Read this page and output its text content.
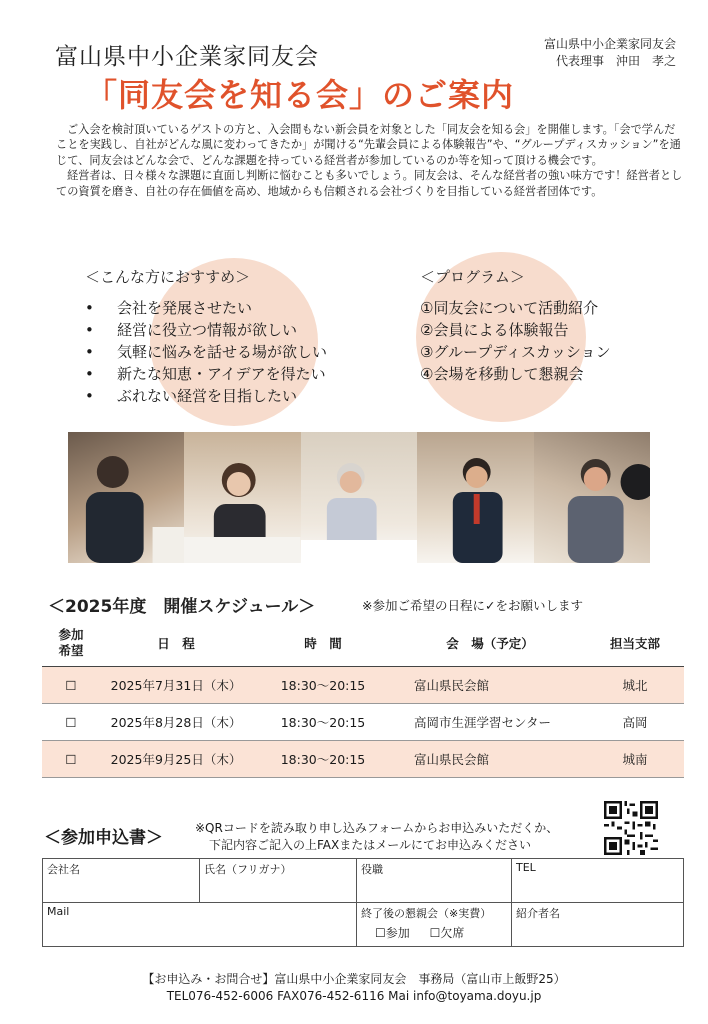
富山県中小企業家同友会	富山県中小企業家同友会
代表理事　沖田　孝之
「同友会を知る会」のご案内

ご入会を検討頂いているゲストの方と、入会間もない新会員を対象とした「同友会を知る会」を開催します。「会で学んだことを実践し、自社がどんな風に変わってきたか」が聞ける“先輩会員による体験報告”や、“グループディスカッション”を通じて、同友会はどんな会で、どんな課題を持っている経営者が参加しているのか等を知って頂ける機会です。

経営者は、日々様々な課題に直面し判断に悩むことも多いでしょう。同友会は、そんな経営者の強い味方です！経営者としての資質を磨き、自社の存在価値を高め、地域からも信頼される会社づくりを目指している経営者団体です。

＜こんな方におすすめ＞
•	会社を発展させたい
•	経営に役立つ情報が欲しい
•	気軽に悩みを話せる場が欲しい
•	新たな知恵・アイデアを得たい
•	ぶれない経営を目指したい
＜プログラム＞
①同友会について活動紹介
②会員による体験報告
③グループディスカッション
④会場を移動して懇親会
＜2025年度　開催スケジュール＞	※参加ご希望の日程に✓をお願いします
参加
希望	日　程	時　間	会　場（予定）	担当支部
☐	2025年7月31日（木）	18:30～20:15	富山県民会館	城北
☐	2025年8月28日（木）	18:30～20:15	高岡市生涯学習センター	高岡
☐	2025年9月25日（木）	18:30～20:15	富山県民会館	城南
＜参加申込書＞	※QRコードを読み取り申し込みフォームからお申込みいただくか、
下記内容ご記入の上FAXまたはメールにてお申込みください
会社名	氏名（フリガナ）	役職	TEL
Mail		終了後の懇親会（※実費）
☐参加 ☐欠席	紹介者名
【お申込み・お問合せ】富山県中小企業家同友会　事務局（富山市上飯野25）
TEL076-452-6006 FAX076-452-6116 Mai info@toyama.doyu.jp
